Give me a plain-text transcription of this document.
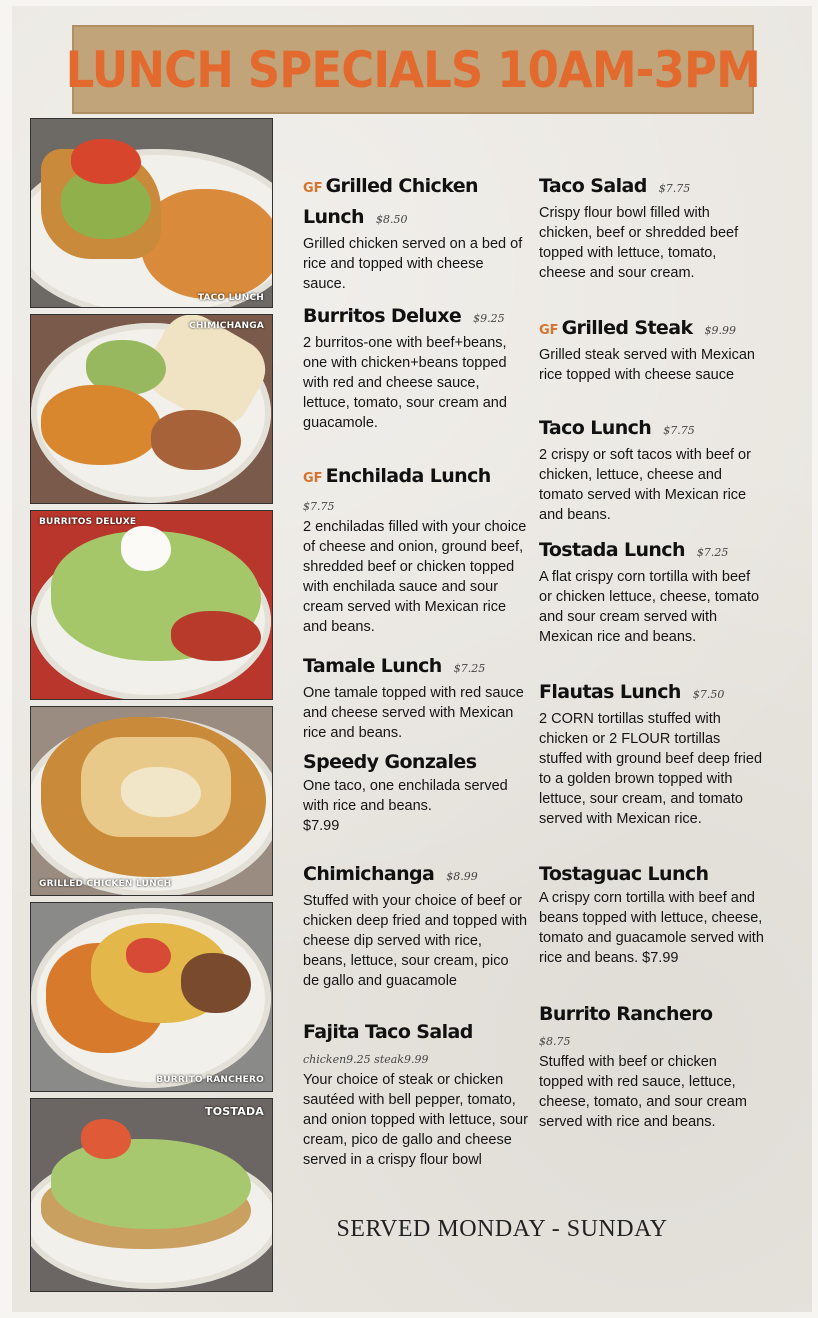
LUNCH SPECIALS 10AM-3PM
TACO LUNCH
CHIMICHANGA
BURRITOS DELUXE
GRILLED CHICKEN LUNCH
BURRITO RANCHERO
TOSTADA
GF Grilled Chicken
Lunch $8.50
Grilled chicken served on a bed of rice and topped with cheese sauce.
Burritos Deluxe $9.25
2 burritos-one with beef+beans, one with chicken+beans topped with red and cheese sauce, lettuce, tomato, sour cream and guacamole.
GF Enchilada Lunch
$7.75
2 enchiladas filled with your choice of cheese and onion, ground beef, shredded beef or chicken topped with enchilada sauce and sour cream served with Mexican rice and beans.
Tamale Lunch $7.25
One tamale topped with red sauce and cheese served with Mexican rice and beans.
Speedy Gonzales
One taco, one enchilada served with rice and beans.
$7.99
Chimichanga $8.99
Stuffed with your choice of beef or chicken deep fried and topped with cheese dip served with rice, beans, lettuce, sour cream, pico de gallo and guacamole
Fajita Taco Salad
chicken9.25 steak9.99
Your choice of steak or chicken sautéed with bell pepper, tomato, and onion topped with lettuce, sour cream, pico de gallo and cheese served in a crispy flour bowl
Taco Salad $7.75
Crispy flour bowl filled with chicken, beef or shredded beef topped with lettuce, tomato, cheese and sour cream.
GF Grilled Steak $9.99
Grilled steak served with Mexican rice topped with cheese sauce
Taco Lunch $7.75
2 crispy or soft tacos with beef or chicken, lettuce, cheese and tomato served with Mexican rice and beans.
Tostada Lunch $7.25
A flat crispy corn tortilla with beef or chicken lettuce, cheese, tomato and sour cream served with Mexican rice and beans.
Flautas Lunch $7.50
2 CORN tortillas stuffed with chicken or 2 FLOUR tortillas stuffed with ground beef deep fried to a golden brown topped with lettuce, sour cream, and tomato served with Mexican rice.
Tostaguac Lunch
A crispy corn tortilla with beef and beans topped with lettuce, cheese, tomato and guacamole served with rice and beans. $7.99
Burrito Ranchero
$8.75
Stuffed with beef or chicken topped with red sauce, lettuce, cheese, tomato, and sour cream served with rice and beans.
SERVED MONDAY - SUNDAY
